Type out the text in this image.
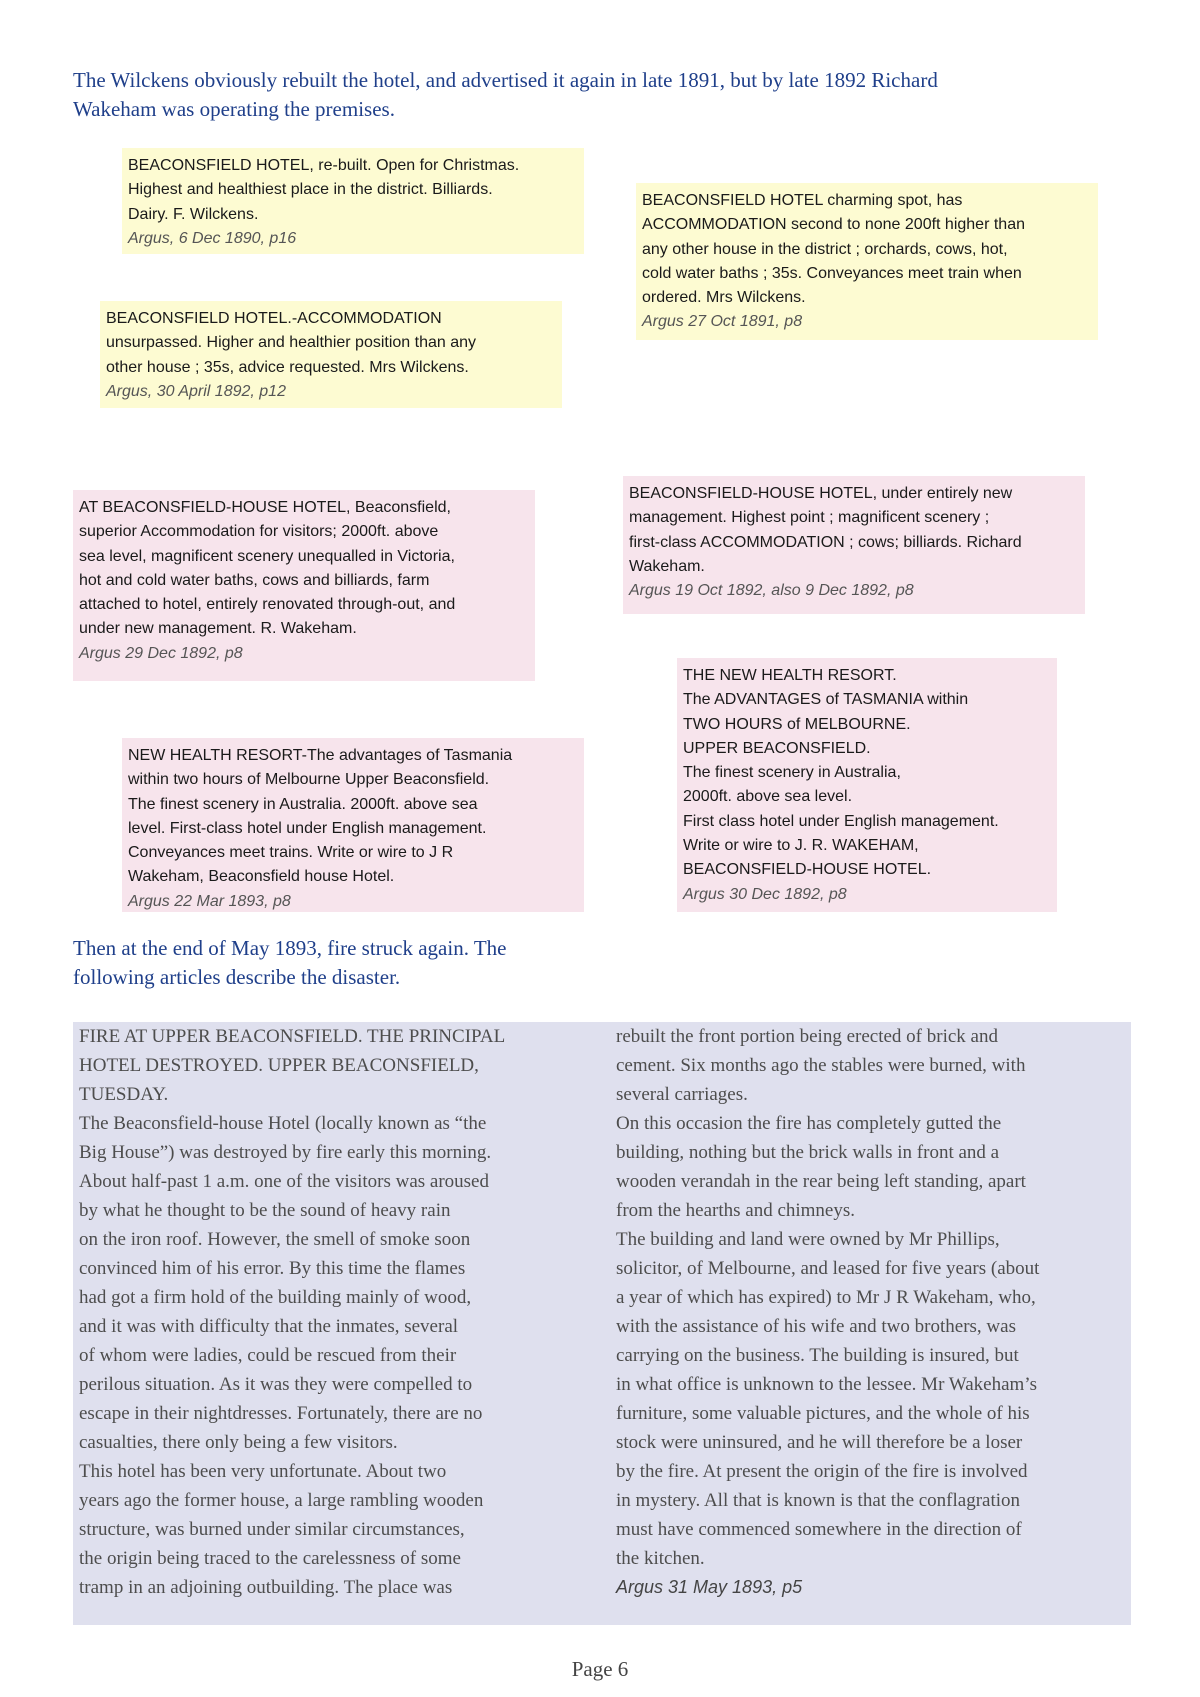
The Wilckens obviously rebuilt the hotel, and advertised it again in late 1891, but by late 1892 Richard
Wakeham was operating the premises.

BEACONSFIELD HOTEL, re-built. Open for Christmas.
Highest and healthiest place in the district. Billiards.
Dairy. F. Wilckens.
Argus, 6 Dec 1890, p16
BEACONSFIELD HOTEL charming spot, has
ACCOMMODATION second to none 200ft higher than
any other house in the district ; orchards, cows, hot,
cold water baths ; 35s. Conveyances meet train when
ordered. Mrs Wilckens.
Argus 27 Oct 1891, p8
BEACONSFIELD HOTEL.-ACCOMMODATION
unsurpassed. Higher and healthier position than any
other house ; 35s, advice requested. Mrs Wilckens.
Argus, 30 April 1892, p12
BEACONSFIELD-HOUSE HOTEL, under entirely new
management. Highest point ; magnificent scenery ;
first-class ACCOMMODATION ; cows; billiards. Richard
Wakeham.
Argus 19 Oct 1892, also 9 Dec 1892, p8
AT BEACONSFIELD-HOUSE HOTEL, Beaconsfield,
superior Accommodation for visitors; 2000ft. above
sea level, magnificent scenery unequalled in Victoria,
hot and cold water baths, cows and billiards, farm
attached to hotel, entirely renovated through-out, and
under new management. R. Wakeham.
Argus 29 Dec 1892, p8
THE NEW HEALTH RESORT.
The ADVANTAGES of TASMANIA within
TWO HOURS of MELBOURNE.
UPPER BEACONSFIELD.
The finest scenery in Australia,
2000ft. above sea level.
First class hotel under English management.
Write or wire to J. R. WAKEHAM,
BEACONSFIELD-HOUSE HOTEL.
Argus 30 Dec 1892, p8
NEW HEALTH RESORT-The advantages of Tasmania
within two hours of Melbourne Upper Beaconsfield.
The finest scenery in Australia. 2000ft. above sea
level. First-class hotel under English management.
Conveyances meet trains. Write or wire to J R
Wakeham, Beaconsfield house Hotel.
Argus 22 Mar 1893, p8

Then at the end of May 1893, fire struck again. The
following articles describe the disaster.

FIRE AT UPPER BEACONSFIELD. THE PRINCIPAL
HOTEL DESTROYED. UPPER BEACONSFIELD,
TUESDAY.
The Beaconsfield-house Hotel (locally known as “the
Big House”) was destroyed by fire early this morning.
About half-past 1 a.m. one of the visitors was aroused
by what he thought to be the sound of heavy rain
on the iron roof. However, the smell of smoke soon
convinced him of his error. By this time the flames
had got a firm hold of the building mainly of wood,
and it was with difficulty that the inmates, several
of whom were ladies, could be rescued from their
perilous situation. As it was they were compelled to
escape in their nightdresses. Fortunately, there are no
casualties, there only being a few visitors.
This hotel has been very unfortunate. About two
years ago the former house, a large rambling wooden
structure, was burned under similar circumstances,
the origin being traced to the carelessness of some
tramp in an adjoining outbuilding. The place was
rebuilt the front portion being erected of brick and
cement. Six months ago the stables were burned, with
several carriages.
On this occasion the fire has completely gutted the
building, nothing but the brick walls in front and a
wooden verandah in the rear being left standing, apart
from the hearths and chimneys.
The building and land were owned by Mr Phillips,
solicitor, of Melbourne, and leased for five years (about
a year of which has expired) to Mr J R Wakeham, who,
with the assistance of his wife and two brothers, was
carrying on the business. The building is insured, but
in what office is unknown to the lessee. Mr Wakeham’s
furniture, some valuable pictures, and the whole of his
stock were uninsured, and he will therefore be a loser
by the fire. At present the origin of the fire is involved
in mystery. All that is known is that the conflagration
must have commenced somewhere in the direction of
the kitchen.
Argus 31 May 1893, p5
Page 6
